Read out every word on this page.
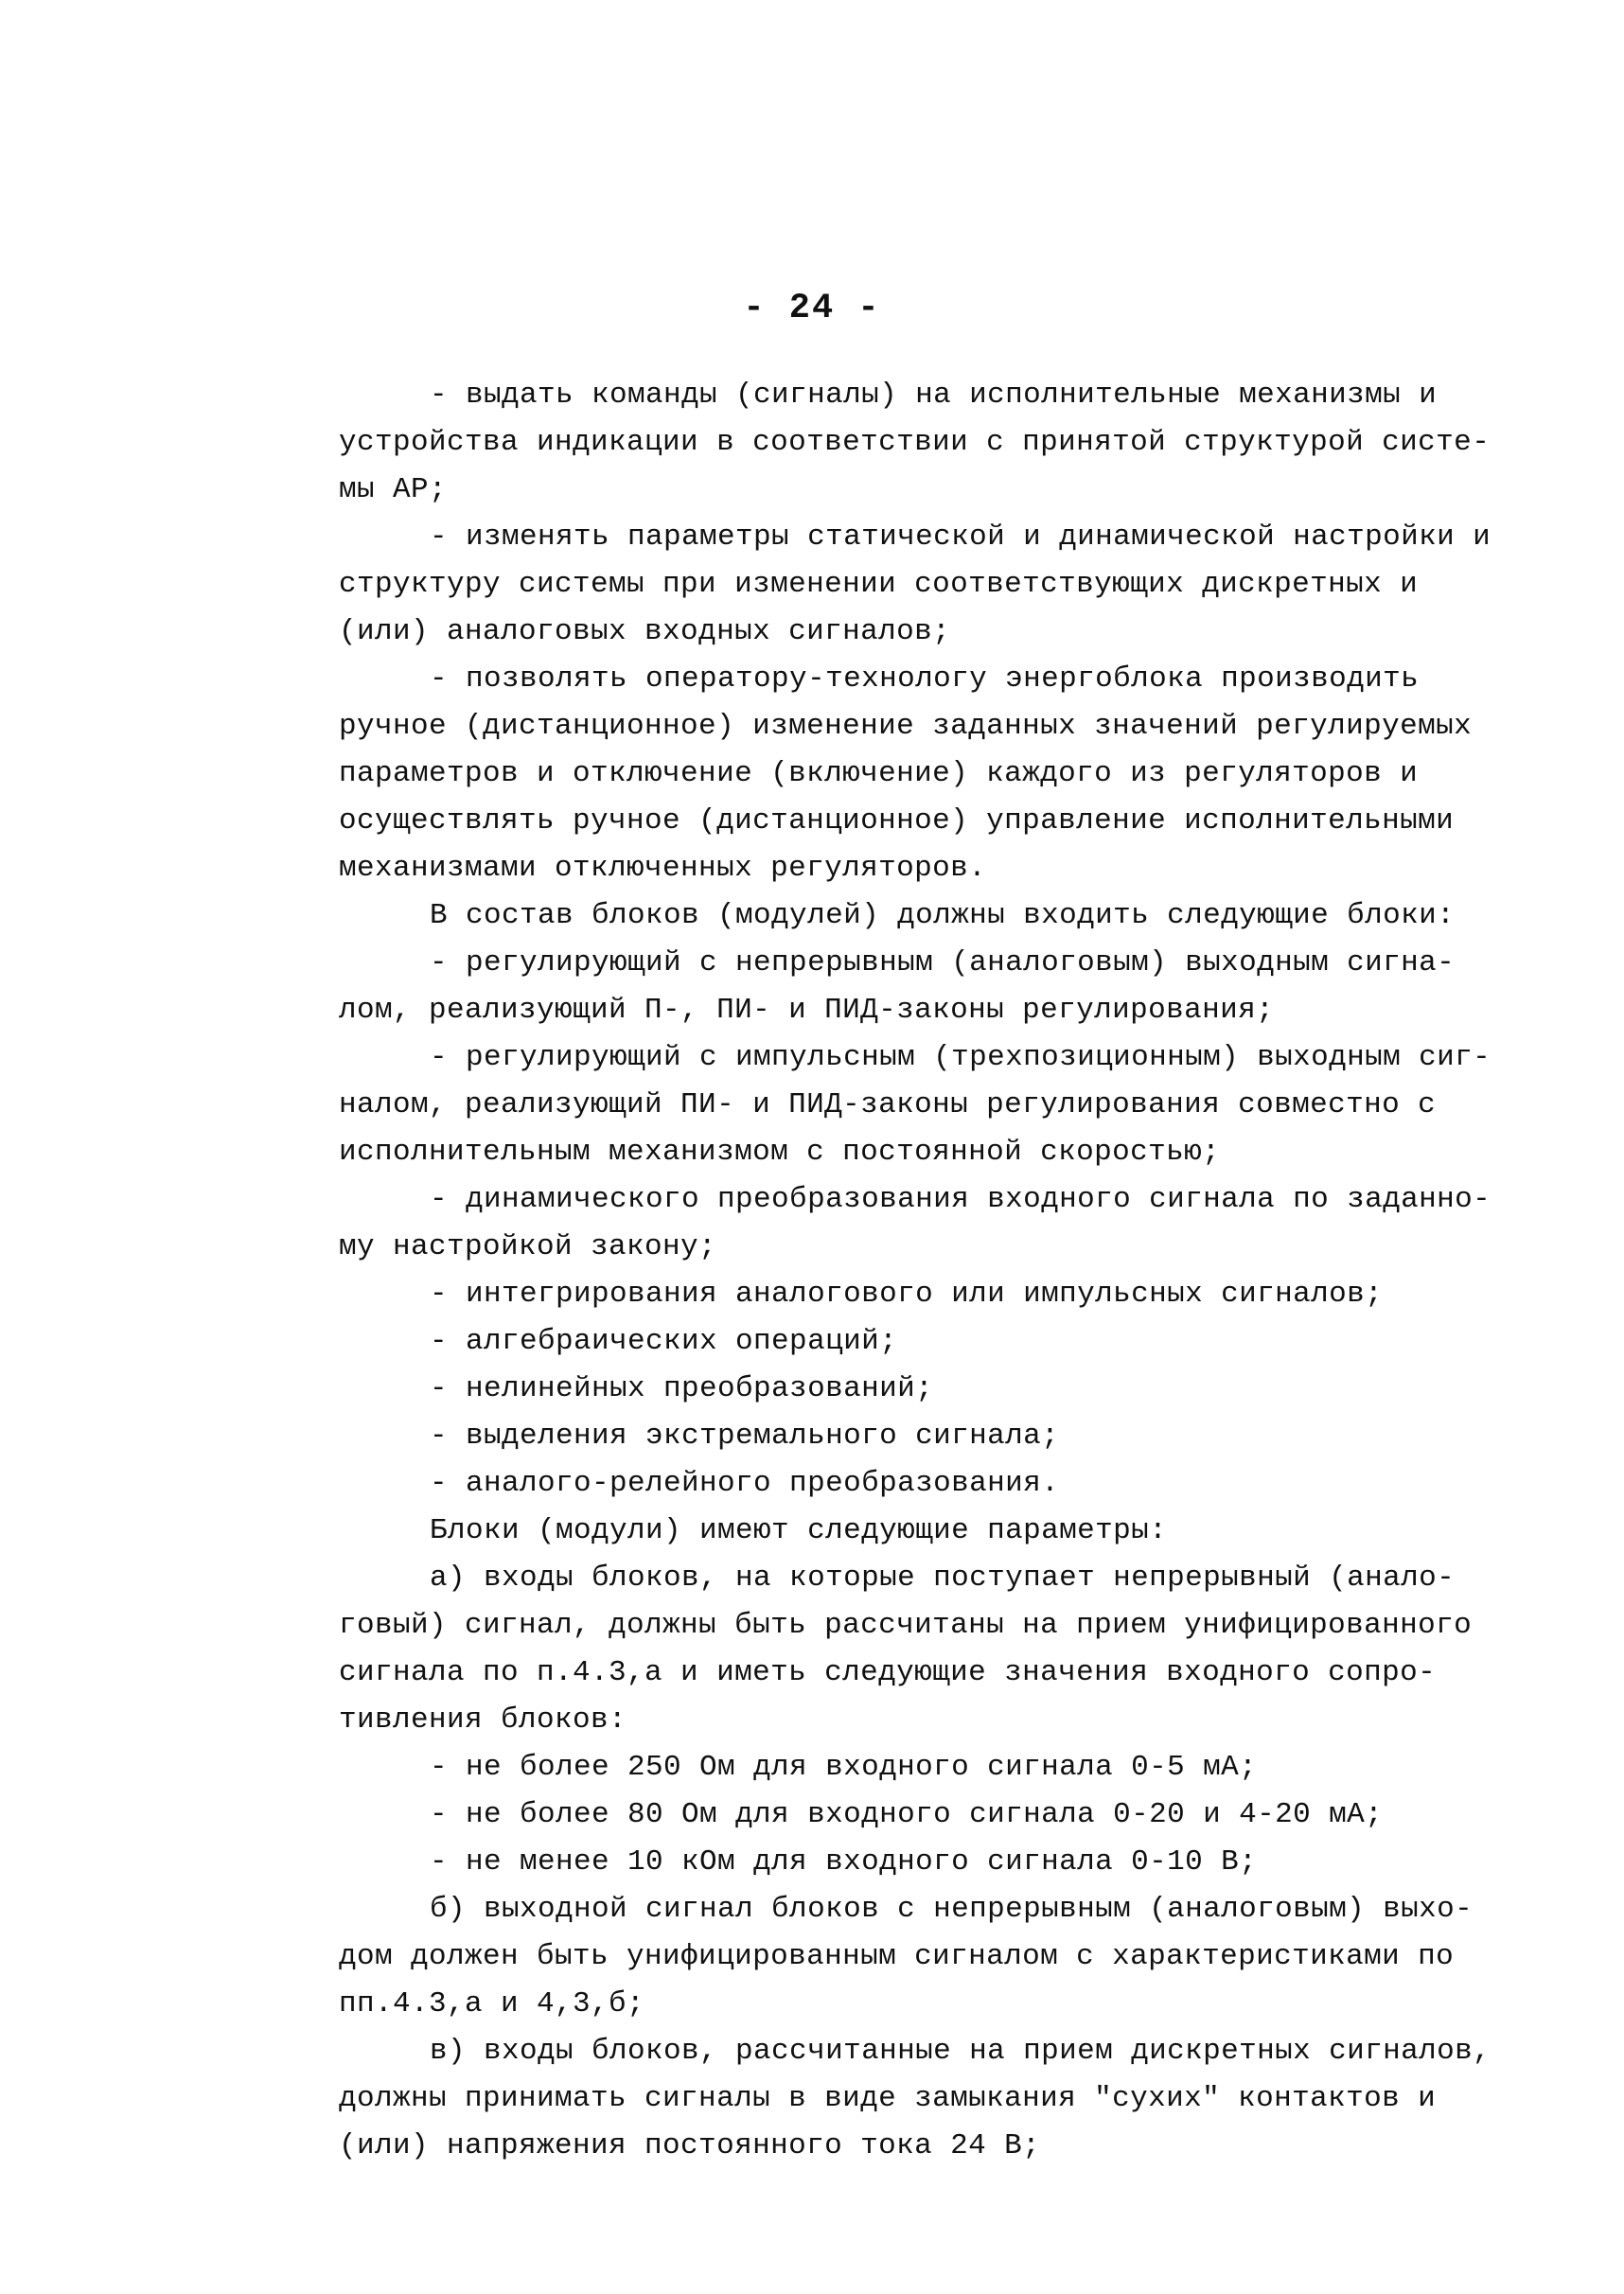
- 24 -
- выдать команды (сигналы) на исполнительные механизмы и
устройства индикации в соответствии с принятой структурой систе-
мы АР;
- изменять параметры статической и динамической настройки и
структуру системы при изменении соответствующих дискретных и
(или) аналоговых входных сигналов;
- позволять оператору-технологу энергоблока производить
ручное (дистанционное) изменение заданных значений регулируемых
параметров и отключение (включение) каждого из регуляторов и
осуществлять ручное (дистанционное) управление исполнительными
механизмами отключенных регуляторов.
В состав блоков (модулей) должны входить следующие блоки:
- регулирующий с непрерывным (аналоговым) выходным сигна-
лом, реализующий П-, ПИ- и ПИД-законы регулирования;
- регулирующий с импульсным (трехпозиционным) выходным сиг-
налом, реализующий ПИ- и ПИД-законы регулирования совместно с
исполнительным механизмом с постоянной скоростью;
- динамического преобразования входного сигнала по заданно-
му настройкой закону;
- интегрирования аналогового или импульсных сигналов;
- алгебраических операций;
- нелинейных преобразований;
- выделения экстремального сигнала;
- аналого-релейного преобразования.
Блоки (модули) имеют следующие параметры:
а) входы блоков, на которые поступает непрерывный (анало-
говый) сигнал, должны быть рассчитаны на прием унифицированного
сигнала по п.4.3,а и иметь следующие значения входного сопро-
тивления блоков:
- не более 250 Ом для входного сигнала 0-5 мА;
- не более 80 Ом для входного сигнала 0-20 и 4-20 мА;
- не менее 10 кОм для входного сигнала 0-10 В;
б) выходной сигнал блоков с непрерывным (аналоговым) выхо-
дом должен быть унифицированным сигналом с характеристиками по
пп.4.3,а и 4,3,б;
в) входы блоков, рассчитанные на прием дискретных сигналов,
должны принимать сигналы в виде замыкания "сухих" контактов и
(или) напряжения постоянного тока 24 В;
